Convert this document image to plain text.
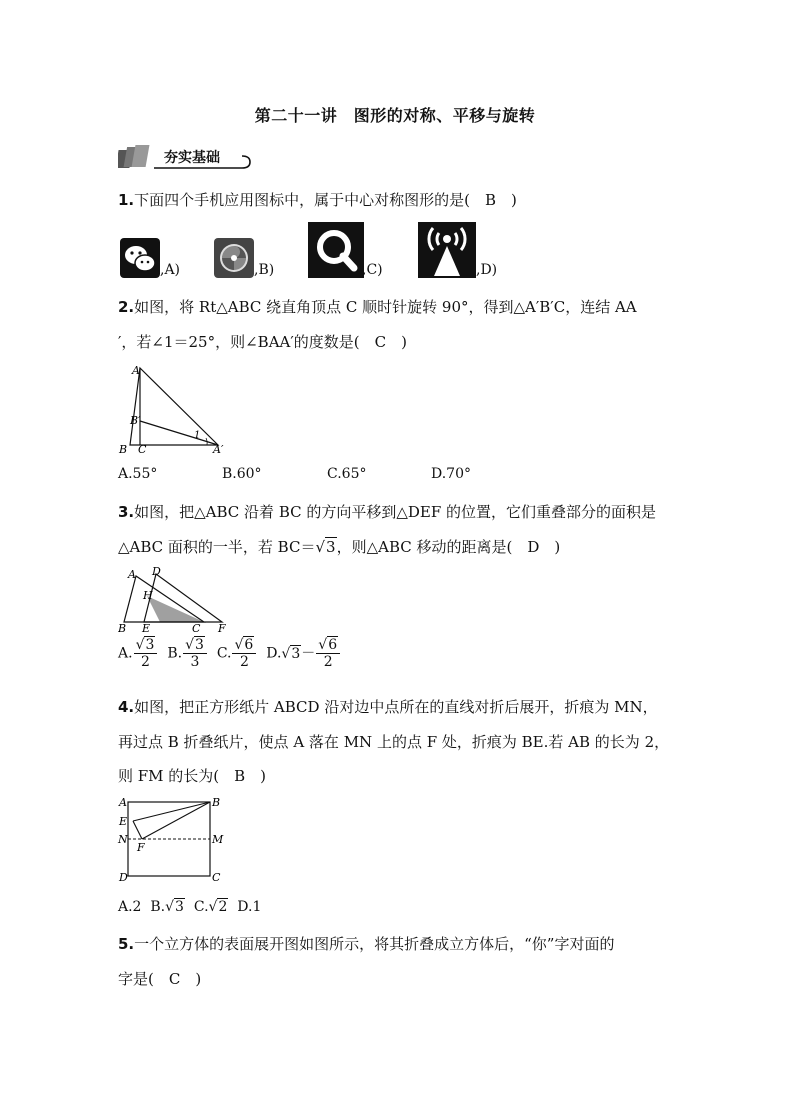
第二十一讲　图形的对称、平移与旋转
夯实基础
1.下面四个手机应用图标中，属于中心对称图形的是(　B　)
,A)	,B)	,C)	,D)
2.如图，将 Rt△ABC 绕直角顶点 C 顺时针旋转 90°，得到△A′B′C，连结 AA
′，若∠1＝25°，则∠BAA′的度数是(　C　)
A
B C
B′
A′
1
A.55°	B.60°	C.65°	D.70°
3.如图，把△ABC 沿着 BC 的方向平移到△DEF 的位置，它们重叠部分的面积是
△ABC 面积的一半，若 BC＝√3，则△ABC 移动的距离是(　D　)
A D
H
B E	C F
A. $\frac{√3}{2} B$. $\frac{√3}{3} C$. $\frac{√6}{2} D.√3- \frac{√6}{2}$
4.如图，把正方形纸片 ABCD 沿对边中点所在的直线对折后展开，折痕为 MN，
再过点 B 折叠纸片，使点 A 落在 MN 上的点 F 处，折痕为 BE.若 AB 的长为 2，
则 FM 的长为(　B　)
A	B
E
N
F
M
D	C
A.2 B.√3 C.√2 D.1
5.一个立方体的表面展开图如图所示，将其折叠成立方体后，“你”字对面的
字是(　C　)
